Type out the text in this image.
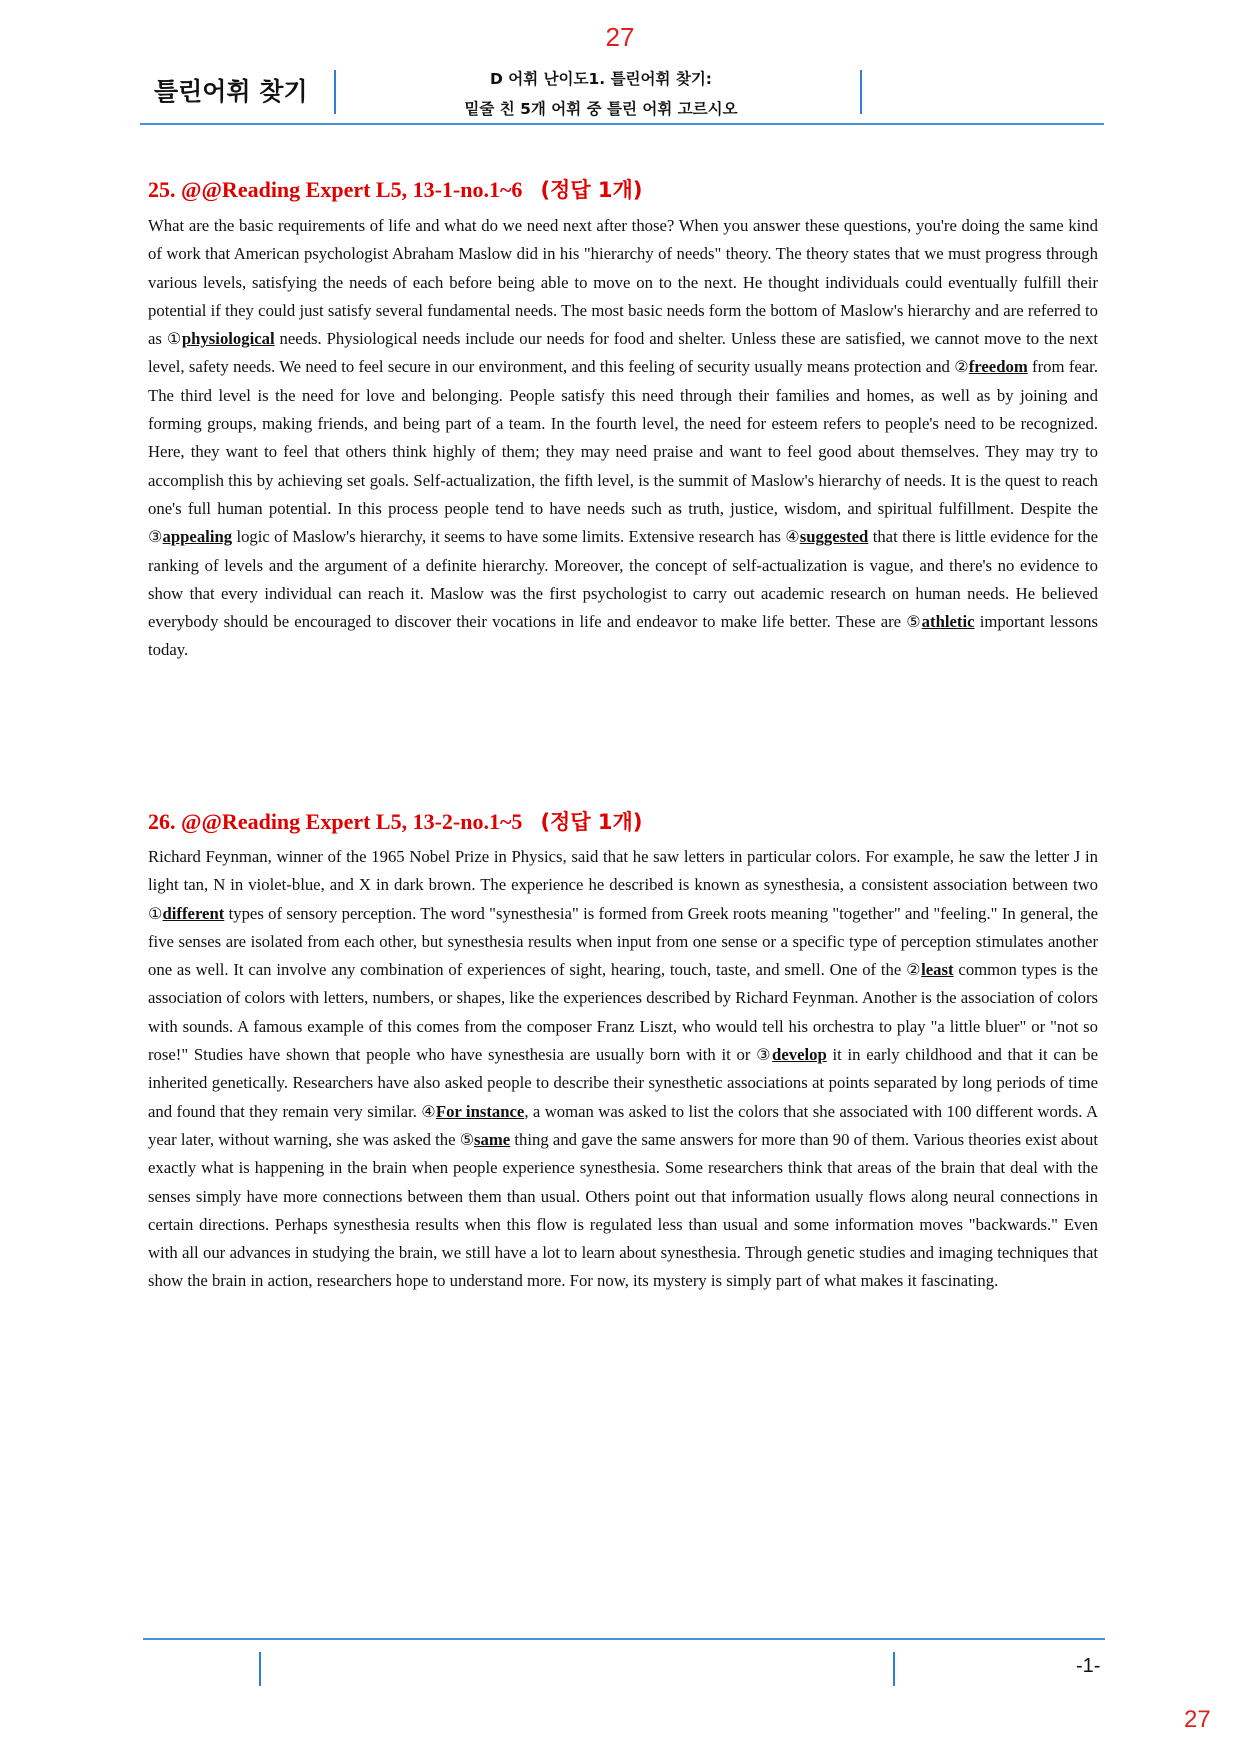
27
틀린어휘 찾기	D 어휘 난이도1. 틀린어휘 찾기:
밑줄 친 5개 어휘 중 틀린 어휘 고르시오
25. @@Reading Expert L5, 13-1-no.1~6 (정답 1개)
What are the basic requirements of life and what do we need next after those? When you answer these questions, you're doing the same kind of work that American psychologist Abraham Maslow did in his "hierarchy of needs" theory. The theory states that we must progress through various levels, satisfying the needs of each before being able to move on to the next. He thought individuals could eventually fulfill their potential if they could just satisfy several fundamental needs. The most basic needs form the bottom of Maslow's hierarchy and are referred to as ①physiological needs. Physiological needs include our needs for food and shelter. Unless these are satisfied, we cannot move to the next level, safety needs. We need to feel secure in our environment, and this feeling of security usually means protection and ②freedom from fear. The third level is the need for love and belonging. People satisfy this need through their families and homes, as well as by joining and forming groups, making friends, and being part of a team. In the fourth level, the need for esteem refers to people's need to be recognized. Here, they want to feel that others think highly of them; they may need praise and want to feel good about themselves. They may try to accomplish this by achieving set goals. Self-actualization, the fifth level, is the summit of Maslow's hierarchy of needs. It is the quest to reach one's full human potential. In this process people tend to have needs such as truth, justice, wisdom, and spiritual fulfillment. Despite the ③appealing logic of Maslow's hierarchy, it seems to have some limits. Extensive research has ④suggested that there is little evidence for the ranking of levels and the argument of a definite hierarchy. Moreover, the concept of self-actualization is vague, and there's no evidence to show that every individual can reach it. Maslow was the first psychologist to carry out academic research on human needs. He believed everybody should be encouraged to discover their vocations in life and endeavor to make life better. These are ⑤athletic important lessons today.
26. @@Reading Expert L5, 13-2-no.1~5 (정답 1개)
Richard Feynman, winner of the 1965 Nobel Prize in Physics, said that he saw letters in particular colors. For example, he saw the letter J in light tan, N in violet-blue, and X in dark brown. The experience he described is known as synesthesia, a consistent association between two ①different types of sensory perception. The word "synesthesia" is formed from Greek roots meaning "together" and "feeling." In general, the five senses are isolated from each other, but synesthesia results when input from one sense or a specific type of perception stimulates another one as well. It can involve any combination of experiences of sight, hearing, touch, taste, and smell. One of the ②least common types is the association of colors with letters, numbers, or shapes, like the experiences described by Richard Feynman. Another is the association of colors with sounds. A famous example of this comes from the composer Franz Liszt, who would tell his orchestra to play "a little bluer" or "not so rose!" Studies have shown that people who have synesthesia are usually born with it or ③develop it in early childhood and that it can be inherited genetically. Researchers have also asked people to describe their synesthetic associations at points separated by long periods of time and found that they remain very similar. ④For instance, a woman was asked to list the colors that she associated with 100 different words. A year later, without warning, she was asked the ⑤same thing and gave the same answers for more than 90 of them. Various theories exist about exactly what is happening in the brain when people experience synesthesia. Some researchers think that areas of the brain that deal with the senses simply have more connections between them than usual. Others point out that information usually flows along neural connections in certain directions. Perhaps synesthesia results when this flow is regulated less than usual and some information moves "backwards." Even with all our advances in studying the brain, we still have a lot to learn about synesthesia. Through genetic studies and imaging techniques that show the brain in action, researchers hope to understand more. For now, its mystery is simply part of what makes it fascinating.
-1-
27
